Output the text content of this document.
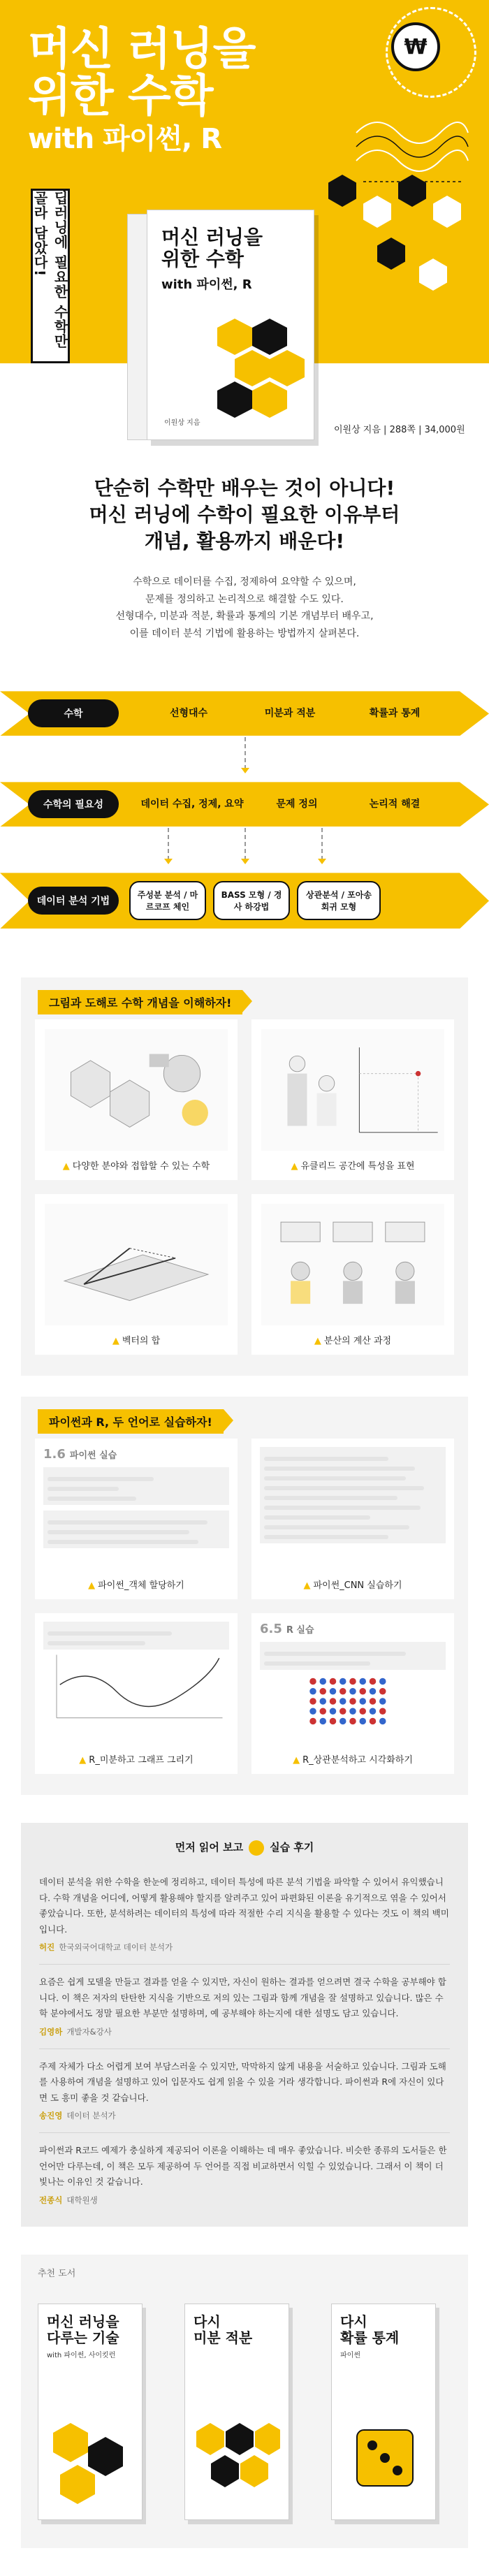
머신 러닝을
위한 수학
with 파이썬, R
₩
딥러닝에 필요한 수학만 골라 담았다!	머신 러닝을
위한 수학
with 파이썬, R
이원상 지음
이원상 지음 | 288쪽 | 34,000원
단순히 수학만 배우는 것이 아니다!
머신 러닝에 수학이 필요한 이유부터
개념, 활용까지 배운다!

수학으로 데이터를 수집, 정제하여 요약할 수 있으며,
문제를 정의하고 논리적으로 해결할 수도 있다.
선형대수, 미분과 적분, 확률과 통계의 기본 개념부터 배우고,
이를 데이터 분석 기법에 활용하는 방법까지 살펴본다.

수학	선형대수	미분과 적분	확률과 통계
수학의 필요성	데이터 수집, 정제, 요약	문제 정의	논리적 해결
데이터 분석 기법
주성분 분석 / 마르코프 체인
BASS 모형 / 경사 하강법
상관분석 / 포아송 회귀 모형
그림과 도해로 수학 개념을 이해하자!
▲ 다양한 분야와 접합할 수 있는 수학	▲ 유클리드 공간에 특성을 표현
▲ 벡터의 합	▲ 분산의 계산 과정
파이썬과 R, 두 언어로 실습하자!
1.6 파이썬 실습
▲ 파이썬_객체 할당하기	▲ 파이썬_CNN 실습하기
▲ R_미분하고 그래프 그리기
6.5 R 실습
▲ R_상관분석하고 시각화하기
먼저 읽어 보고	실습 후기

데이터 분석을 위한 수학을 한눈에 정리하고, 데이터 특성에 따른 분석 기법을 파악할 수 있어서 유익했습니다. 수학 개념을 어디에, 어떻게 활용해야 할지를 알려주고 있어 파편화된 이론을 유기적으로 엮을 수 있어서 좋았습니다. 또한, 분석하려는 데이터의 특성에 따라 적절한 수리 지식을 활용할 수 있다는 것도 이 책의 백미입니다.

허진 한국외국어대학교 데이터 분석가

요즘은 쉽게 모델을 만들고 결과를 얻을 수 있지만, 자신이 원하는 결과를 얻으려면 결국 수학을 공부해야 합니다. 이 책은 저자의 탄탄한 지식을 기반으로 저의 있는 그림과 함께 개념을 잘 설명하고 있습니다. 많은 수학 분야에서도 정말 필요한 부분만 설명하며, 예 공부해야 하는지에 대한 설명도 담고 있습니다.

김영하 개발자&강사

주제 자체가 다소 어렵게 보여 부담스러울 수 있지만, 막막하지 않게 내용을 서술하고 있습니다. 그림과 도해를 사용하여 개념을 설명하고 있어 입문자도 쉽게 읽을 수 있을 거라 생각합니다. 파이썬과 R에 자신이 있다면 도 흥미 좋을 것 같습니다.

송진영 데이터 분석가

파이썬과 R코드 예제가 충실하게 제공되어 이론을 이해하는 데 매우 좋았습니다. 비슷한 종류의 도서들은 한 언어만 다루는데, 이 책은 모두 제공하여 두 언어를 직접 비교하면서 익힐 수 있었습니다. 그래서 이 책이 더 빛나는 이유인 것 같습니다.

전종식 대학원생
추천 도서
머신 러닝을
다루는 기술
with 파이썬, 사이킷런
다시
미분 적분
다시
확률 통계
파이썬
